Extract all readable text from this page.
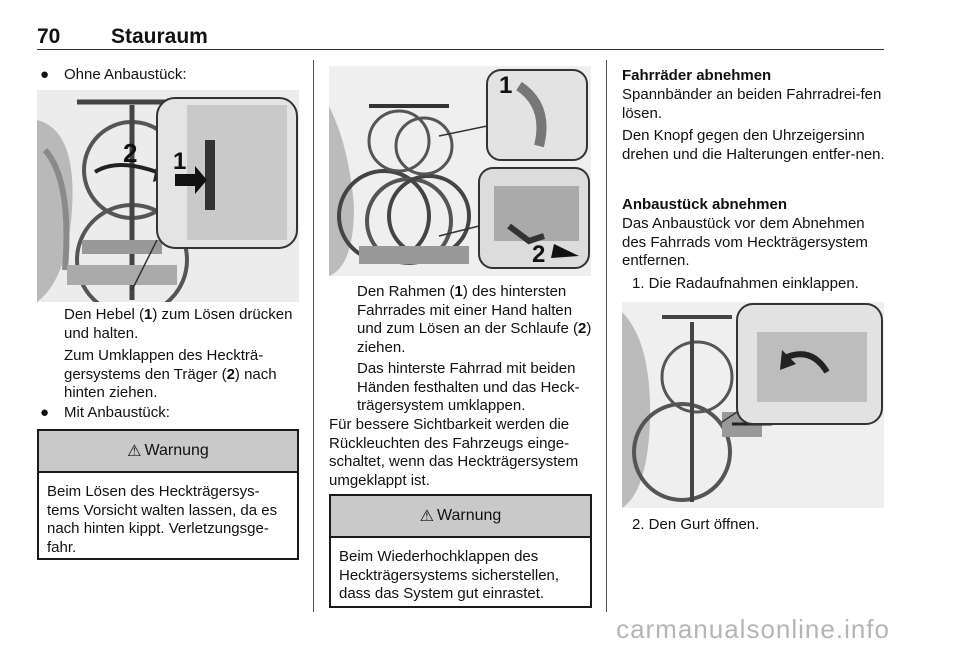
70 Stauraum
● Ohne Anbaustück:
2 1
Den Hebel (1) zum Lösen drücken und halten.
Zum Umklappen des Heckträ-gersystems den Träger (2) nach hinten ziehen.
● Mit Anbaustück:
⚠ Warnung
Beim Lösen des Heckträgersys-tems Vorsicht walten lassen, da es nach hinten kippt. Verletzungsge-fahr.
1
2
Den Rahmen (1) des hintersten Fahrrades mit einer Hand halten und zum Lösen an der Schlaufe (2) ziehen.
Das hinterste Fahrrad mit beiden Händen festhalten und das Heck-trägersystem umklappen.
Für bessere Sichtbarkeit werden die Rückleuchten des Fahrzeugs einge-schaltet, wenn das Heckträgersystem umgeklappt ist.
⚠ Warnung
Beim Wiederhochklappen des Heckträgersystems sicherstellen, dass das System gut einrastet.
Fahrräder abnehmen
Spannbänder an beiden Fahrradrei-fen lösen.
Den Knopf gegen den Uhrzeigersinn drehen und die Halterungen entfer-nen.
Anbaustück abnehmen
Das Anbaustück vor dem Abnehmen des Fahrrads vom Heckträgersystem entfernen.
1. Die Radaufnahmen einklappen.
2. Den Gurt öffnen.
carmanualsonline.info
